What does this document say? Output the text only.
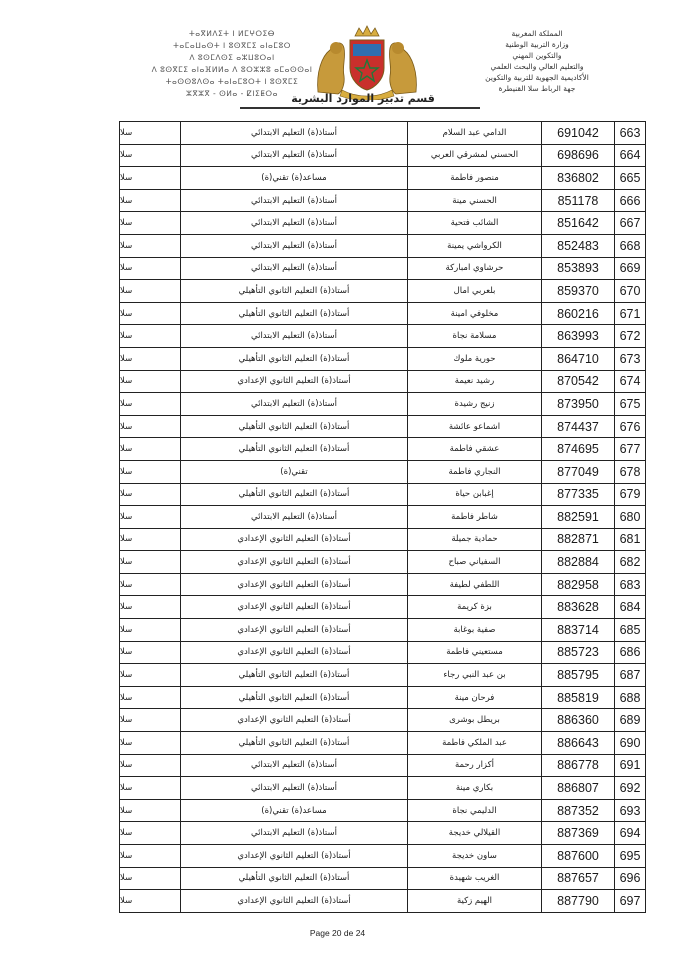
ⵜⴰⴳⵍⴷⵉⵜ ⵏ ⵍⵎⵖⵔⵉⴱ
ⵜⴰⵎⴰⵡⴰⵙⵜ ⵏ ⵓⵙⴳⵎⵉ ⴰⵏⴰⵎⵓⵔ
ⴷ ⵓⵙⵎⴷⵙⵉ ⴰⵣⵡⵓⵔⴰⵏ
ⴷ ⵓⵙⴳⵎⵉ ⴰⵏⴰⴼⵍⵍⴰ ⴷ ⵓⵔⵣⵣⵓ ⴰⵎⴰⵙⵙⴰⵏ
ⵜⴰⵙⵙⵓⴷⵙⴰ ⵜⴰⵏⴰⵎⵓⵔⵜ ⵏ ⵓⵙⴳⵎⵉ
ⵣⴳⵣⴳ - ⵙⵍⴰ - ⵇⵏⵉⵟⵔⴰ
المملكة المغربية
وزارة التربية الوطنية
والتكوين المهني
والتعليم العالي والبحث العلمي
الأكاديمية الجهوية للتربية والتكوين
جهة الرباط سلا القنيطرة
قسم تدبير الموارد البشرية
سلا	أستاذ(ة) التعليم الابتدائي	الدامي عبد السلام	691042	663
سلا	أستاذ(ة) التعليم الابتدائي	الحسني لمشرقي العربي	698696	664
سلا	مساعد(ة) تقني(ة)	منصور فاطمة	836802	665
سلا	أستاذ(ة) التعليم الابتدائي	الحسني مينة	851178	666
سلا	أستاذ(ة) التعليم الابتدائي	الشائب فتحية	851642	667
سلا	أستاذ(ة) التعليم الابتدائي	الكرواشي يمينة	852483	668
سلا	أستاذ(ة) التعليم الابتدائي	حرشاوي امباركة	853893	669
سلا	أستاذ(ة) التعليم الثانوي التأهيلي	بلعربي امال	859370	670
سلا	أستاذ(ة) التعليم الثانوي التأهيلي	مخلوفي امينة	860216	671
سلا	أستاذ(ة) التعليم الابتدائي	مسلامة نجاة	863993	672
سلا	أستاذ(ة) التعليم الثانوي التأهيلي	حورية ملوك	864710	673
سلا	أستاذ(ة) التعليم الثانوي الإعدادي	رشيد نعيمة	870542	674
سلا	أستاذ(ة) التعليم الابتدائي	زنيج رشيدة	873950	675
سلا	أستاذ(ة) التعليم الثانوي التأهيلي	اشماعو عائشة	874437	676
سلا	أستاذ(ة) التعليم الثانوي التأهيلي	عشقي فاطمة	874695	677
سلا	تقني(ة)	النجاري فاطمة	877049	678
سلا	أستاذ(ة) التعليم الثانوي التأهيلي	إغبابن حياة	877335	679
سلا	أستاذ(ة) التعليم الابتدائي	شاطر فاطمة	882591	680
سلا	أستاذ(ة) التعليم الثانوي الإعدادي	حمادية جميلة	882871	681
سلا	أستاذ(ة) التعليم الثانوي الإعدادي	السفياني صباح	882884	682
سلا	أستاذ(ة) التعليم الثانوي الإعدادي	اللطفي لطيفة	882958	683
سلا	أستاذ(ة) التعليم الثانوي الإعدادي	بزة كريمة	883628	684
سلا	أستاذ(ة) التعليم الثانوي الإعدادي	صفية بوغابة	883714	685
سلا	أستاذ(ة) التعليم الثانوي الإعدادي	مستعيني فاطمة	885723	686
سلا	أستاذ(ة) التعليم الثانوي التأهيلي	بن عبد النبي رجاء	885795	687
سلا	أستاذ(ة) التعليم الثانوي التأهيلي	فرحان مينة	885819	688
سلا	أستاذ(ة) التعليم الثانوي الإعدادي	بريطل بوشرى	886360	689
سلا	أستاذ(ة) التعليم الثانوي التأهيلي	عبد الملكي فاطمة	886643	690
سلا	أستاذ(ة) التعليم الابتدائي	أكزار رحمة	886778	691
سلا	أستاذ(ة) التعليم الابتدائي	بكاري مينة	886807	692
سلا	مساعد(ة) تقني(ة)	الدليمي نجاة	887352	693
سلا	أستاذ(ة) التعليم الابتدائي	القيلالي خديجة	887369	694
سلا	أستاذ(ة) التعليم الثانوي الإعدادي	ساون خديجة	887600	695
سلا	أستاذ(ة) التعليم الثانوي التأهيلي	الغريب شهيدة	887657	696
سلا	أستاذ(ة) التعليم الثانوي الإعدادي	الهيم زكية	887790	697
Page 20 de 24
